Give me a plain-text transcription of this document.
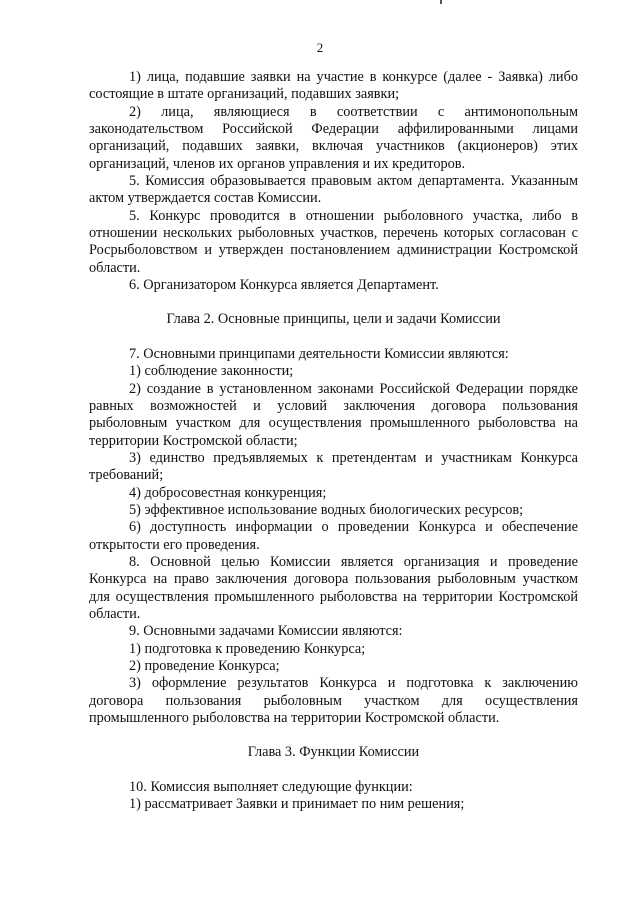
2

1) лица, подавшие заявки на участие в конкурсе (далее - Заявка) либо состоящие в штате организаций, подавших заявки;

2) лица, являющиеся в соответствии с антимонопольным законодательством Российской Федерации аффилированными лицами организаций, подавших заявки, включая участников (акционеров) этих организаций, членов их органов управления и их кредиторов.

5. Комиссия образовывается правовым актом департамента. Указанным актом утверждается состав Комиссии.

5. Конкурс проводится в отношении рыболовного участка, либо в отношении нескольких рыболовных участков, перечень которых согласован с Росрыболовством и утвержден постановлением администрации Костромской области.

6. Организатором Конкурса является Департамент.

Глава 2. Основные принципы, цели и задачи Комиссии

7. Основными принципами деятельности Комиссии являются:

1) соблюдение законности;

2) создание в установленном законами Российской Федерации порядке равных возможностей и условий заключения договора пользования рыболовным участком для осуществления промышленного рыболовства на территории Костромской области;

3) единство предъявляемых к претендентам и участникам Конкурса требований;

4) добросовестная конкуренция;

5) эффективное использование водных биологических ресурсов;

6) доступность информации о проведении Конкурса и обеспечение открытости его проведения.

8. Основной целью Комиссии является организация и проведение Конкурса на право заключения договора пользования рыболовным участком для осуществления промышленного рыболовства на территории Костромской области.

9. Основными задачами Комиссии являются:

1) подготовка к проведению Конкурса;

2) проведение Конкурса;

3) оформление результатов Конкурса и подготовка к заключению договора пользования рыболовным участком для осуществления промышленного рыболовства на территории Костромской области.

Глава 3. Функции Комиссии

10. Комиссия выполняет следующие функции:

1) рассматривает Заявки и принимает по ним решения;
